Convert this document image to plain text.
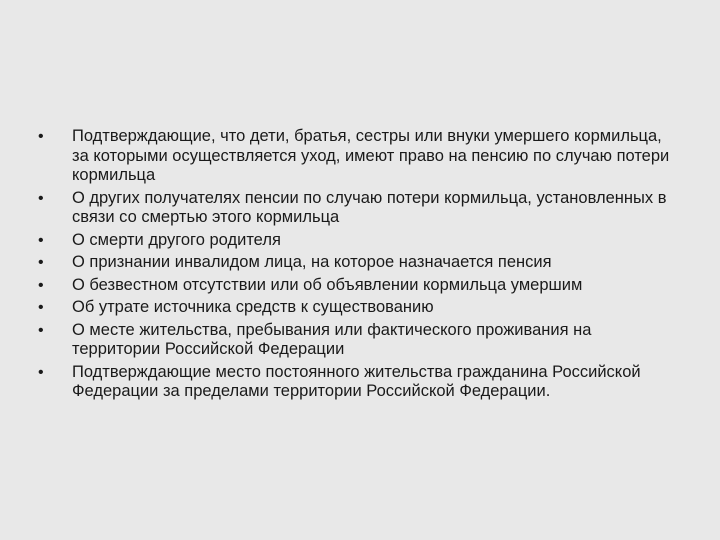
•	Подтверждающие, что дети, братья, сестры или внуки умершего кормильца, за которыми осуществляется уход, имеют право на пенсию по случаю потери кормильца
•	О других получателях пенсии по случаю потери кормильца, установленных в связи со смертью этого кормильца
•	О смерти другого родителя
•	О признании инвалидом лица, на которое назначается пенсия
•	О безвестном отсутствии или об объявлении кормильца умершим
•	Об утрате источника средств к существованию
•	О месте жительства, пребывания или фактического проживания на территории Российской Федерации
•	Подтверждающие место постоянного жительства гражданина Российской Федерации за пределами территории Российской Федерации.
